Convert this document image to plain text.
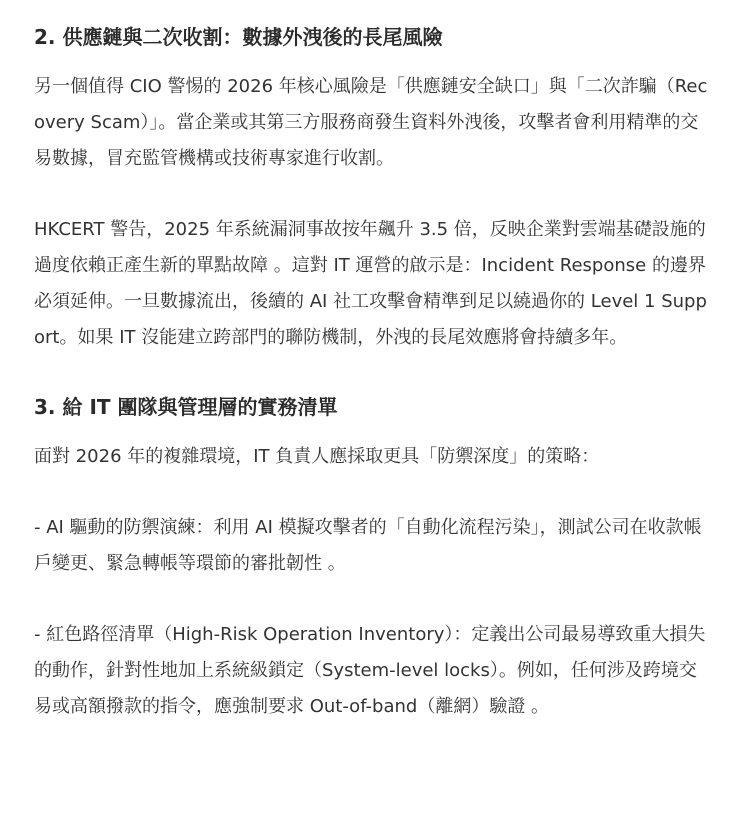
2. 供應鏈與二次收割：數據外洩後的長尾風險

另一個值得 CIO 警惕的 2026 年核心風險是「供應鏈安全缺口」與「二次詐騙（Recovery Scam）」。當企業或其第三方服務商發生資料外洩後，攻擊者會利用精準的交易數據，冒充監管機構或技術專家進行收割。

HKCERT 警告，2025 年系統漏洞事故按年飆升 3.5 倍，反映企業對雲端基礎設施的過度依賴正產生新的單點故障 。這對 IT 運營的啟示是：Incident Response 的邊界必須延伸。一旦數據流出，後續的 AI 社工攻擊會精準到足以繞過你的 Level 1 Support。如果 IT 沒能建立跨部門的聯防機制，外洩的長尾效應將會持續多年。

3. 給 IT 團隊與管理層的實務清單

面對 2026 年的複雜環境，IT 負責人應採取更具「防禦深度」的策略：

- AI 驅動的防禦演練：利用 AI 模擬攻擊者的「自動化流程污染」，測試公司在收款帳戶變更、緊急轉帳等環節的審批韌性 。

- 紅色路徑清單（High-Risk Operation Inventory）：定義出公司最易導致重大損失的動作，針對性地加上系統級鎖定（System-level locks）。例如，任何涉及跨境交易或高額撥款的指令，應強制要求 Out-of-band（離網）驗證 。
